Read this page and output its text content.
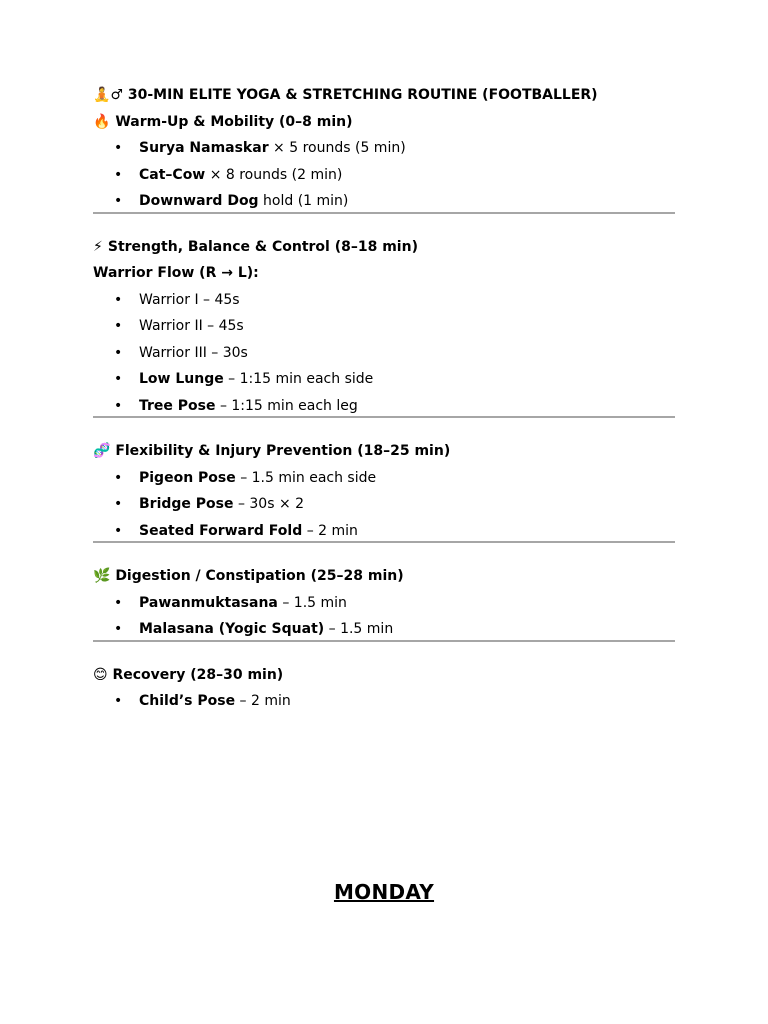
🧘♂ 30-MIN ELITE YOGA & STRETCHING ROUTINE (FOOTBALLER)
🔥 Warm-Up & Mobility (0–8 min)
• Surya Namaskar × 5 rounds (5 min)
• Cat–Cow × 8 rounds (2 min)
• Downward Dog hold (1 min)
⚡ Strength, Balance & Control (8–18 min)
Warrior Flow (R → L):
• Warrior I – 45s
• Warrior II – 45s
• Warrior III – 30s
• Low Lunge – 1:15 min each side
• Tree Pose – 1:15 min each leg
🧬 Flexibility & Injury Prevention (18–25 min)
• Pigeon Pose – 1.5 min each side
• Bridge Pose – 30s × 2
• Seated Forward Fold – 2 min
🌿 Digestion / Constipation (25–28 min)
• Pawanmuktasana – 1.5 min
• Malasana (Yogic Squat) – 1.5 min
😊 Recovery (28–30 min)
• Child’s Pose – 2 min
MONDAY
